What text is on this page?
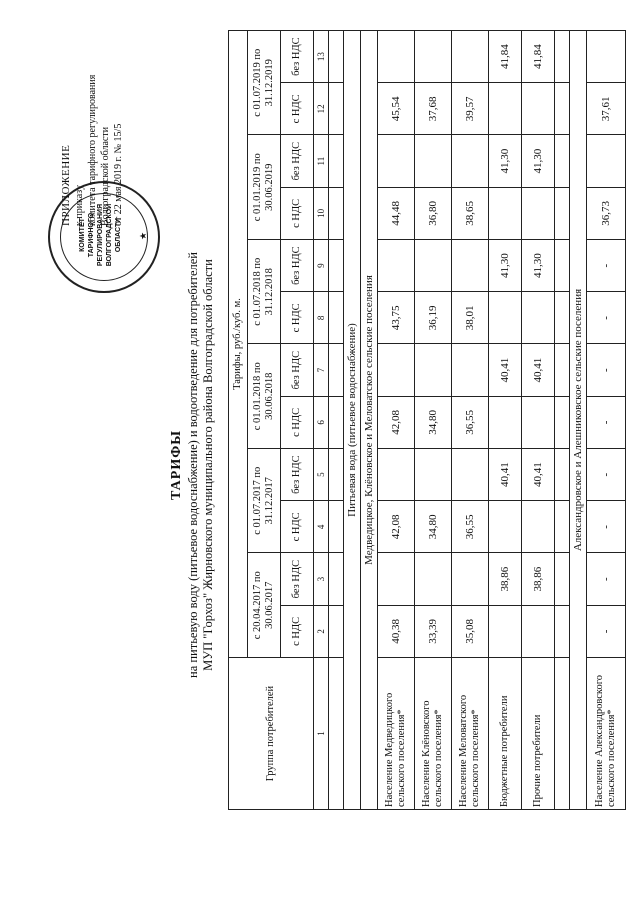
КОМИТЕТ ТАРИФНОГО РЕГУЛИРОВАНИЯ ВОЛГОГРАДСКОЙ ОБЛАСТИ ★
ПРИЛОЖЕНИЕ к приказу комитета тарифного регулирования Волгоградской области от 22 мая 2019 г. № 15/5
ТАРИФЫ на питьевую воду (питьевое водоснабжение) и водоотведение для потребителей МУП "Горхоз" Жирновского муниципального района Волгоградской области
Группа потребителей	Тарифы, руб./куб. м.											
	с 20.04.2017 по 30.06.2017		с 01.07.2017 по 31.12.2017		с 01.01.2018 по 30.06.2018		с 01.07.2018 по 31.12.2018		с 01.01.2019 по 30.06.2019		с 01.07.2019 по 31.12.2019	
	с НДС	без НДС	с НДС	без НДС	с НДС	без НДС	с НДС	без НДС	с НДС	без НДС	с НДС	без НДС
1	2	3	4	5	6	7	8	9	10	11	12	13

Питьевая вода (питьевое водоснабжение)												
Медведицкое, Клёновское и Меловатское сельские поселения												
Население Медведицкого сельского поселения*	40,38		42,08		42,08		43,75		44,48		45,54	
Население Клёновского сельского поселения*	33,39		34,80		34,80		36,19		36,80		37,68	
Население Меловатского сельского поселения*	35,08		36,55		36,55		38,01		38,65		39,57	
Бюджетные потребители		38,86		40,41		40,41		41,30		41,30		41,84
Прочие потребители		38,86		40,41		40,41		41,30		41,30		41,84

Александровское и Алешниковское сельские поселения												
Население Александровского сельского поселения*	-	-	-	-	-	-	-	-	36,73		37,61	
